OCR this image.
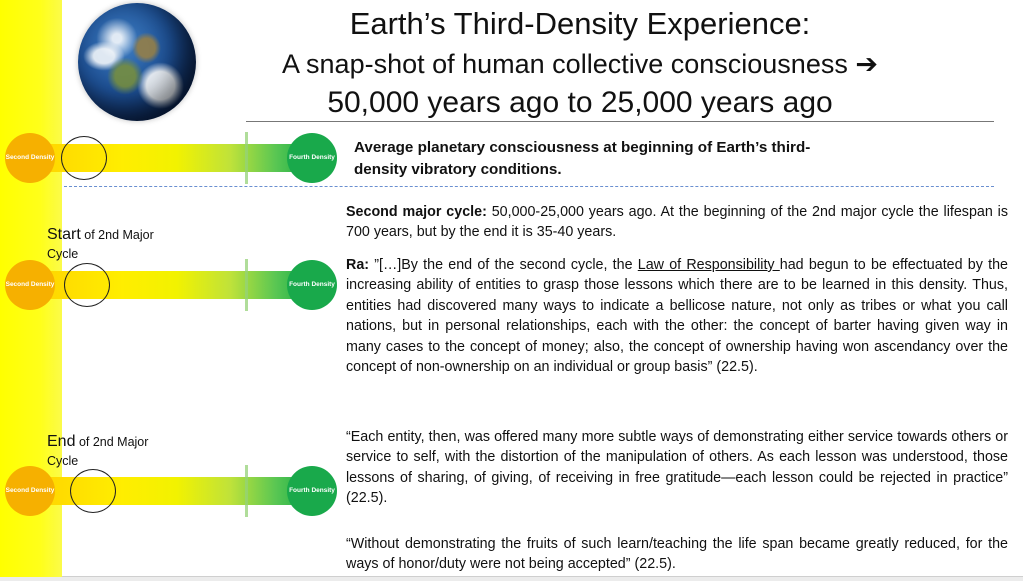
Earth’s Third-Density Experience:
A snap-shot of human collective consciousness ➔
50,000 years ago to 25,000 years ago
Second Density	Fourth Density
Average planetary consciousness at beginning of Earth’s third-density vibratory conditions.
Start of 2nd Major
Cycle
Second Density	Fourth Density
End of 2nd Major
Cycle
Second Density	Fourth Density
Second major cycle: 50,000-25,000 years ago. At the beginning of the 2nd major cycle the lifespan is 700 years, but by the end it is 35-40 years.
Ra: ”[…]By the end of the second cycle, the Law of Responsibility had begun to be effectuated by the increasing ability of entities to grasp those lessons which there are to be learned in this density. Thus, entities had discovered many ways to indicate a bellicose nature, not only as tribes or what you call nations, but in personal relationships, each with the other: the concept of barter having given way in many cases to the concept of money; also, the concept of ownership having won ascendancy over the concept of non-ownership on an individual or group basis” (22.5).
“Each entity, then, was offered many more subtle ways of demonstrating either service towards others or service to self, with the distortion of the manipulation of others. As each lesson was understood, those lessons of sharing, of giving, of receiving in free gratitude—each lesson could be rejected in practice” (22.5).
“Without demonstrating the fruits of such learn/teaching the life span became greatly reduced, for the ways of honor/duty were not being accepted” (22.5).
